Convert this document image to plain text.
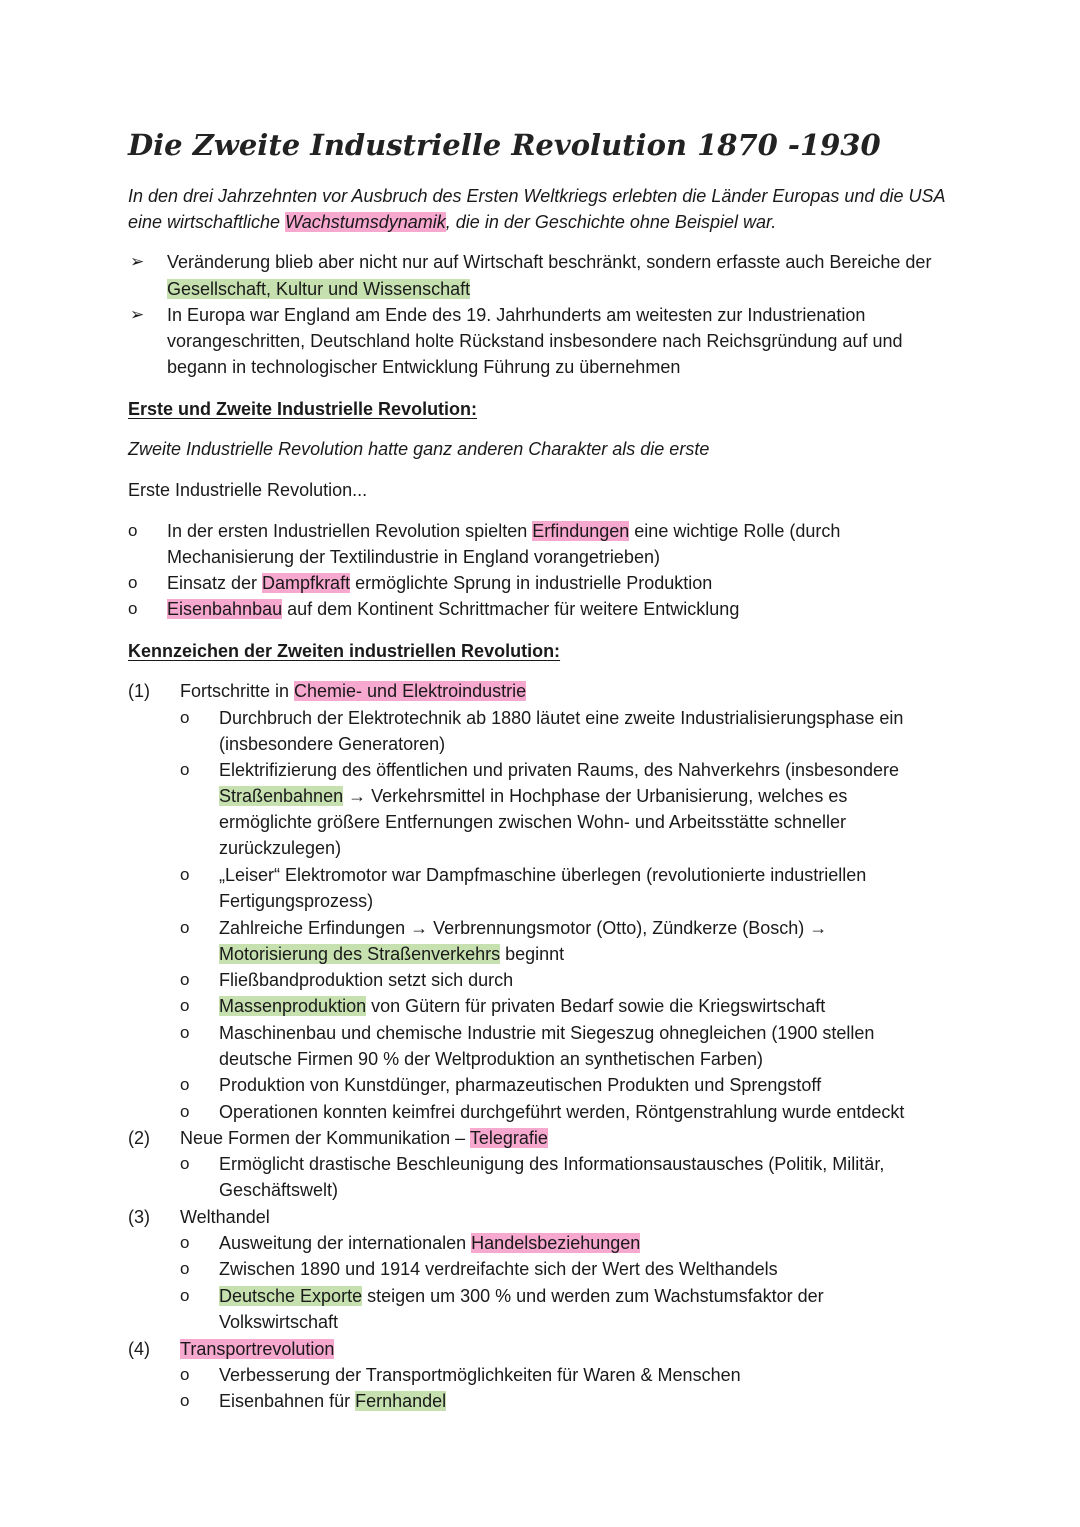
Die Zweite Industrielle Revolution 1870 -1930
In den drei Jahrzehnten vor Ausbruch des Ersten Weltkriegs erlebten die Länder Europas und die USA
eine wirtschaftliche Wachstumsdynamik, die in der Geschichte ohne Beispiel war.
➢ Veränderung blieb aber nicht nur auf Wirtschaft beschränkt, sondern erfasste auch Bereiche der
Gesellschaft, Kultur und Wissenschaft
➢ In Europa war England am Ende des 19. Jahrhunderts am weitesten zur Industrienation
vorangeschritten, Deutschland holte Rückstand insbesondere nach Reichsgründung auf und
begann in technologischer Entwicklung Führung zu übernehmen
Erste und Zweite Industrielle Revolution:
Zweite Industrielle Revolution hatte ganz anderen Charakter als die erste
Erste Industrielle Revolution...
o In der ersten Industriellen Revolution spielten Erfindungen eine wichtige Rolle (durch
Mechanisierung der Textilindustrie in England vorangetrieben)
o Einsatz der Dampfkraft ermöglichte Sprung in industrielle Produktion
o Eisenbahnbau auf dem Kontinent Schrittmacher für weitere Entwicklung
Kennzeichen der Zweiten industriellen Revolution:
(1) Fortschritte in Chemie- und Elektroindustrie
o Durchbruch der Elektrotechnik ab 1880 läutet eine zweite Industrialisierungsphase ein
(insbesondere Generatoren)
o Elektrifizierung des öffentlichen und privaten Raums, des Nahverkehrs (insbesondere
Straßenbahnen → Verkehrsmittel in Hochphase der Urbanisierung, welches es
ermöglichte größere Entfernungen zwischen Wohn- und Arbeitsstätte schneller
zurückzulegen)
o „Leiser“ Elektromotor war Dampfmaschine überlegen (revolutionierte industriellen
Fertigungsprozess)
o Zahlreiche Erfindungen → Verbrennungsmotor (Otto), Zündkerze (Bosch) →
Motorisierung des Straßenverkehrs beginnt
o Fließbandproduktion setzt sich durch
o Massenproduktion von Gütern für privaten Bedarf sowie die Kriegswirtschaft
o Maschinenbau und chemische Industrie mit Siegeszug ohnegleichen (1900 stellen
deutsche Firmen 90 % der Weltproduktion an synthetischen Farben)
o Produktion von Kunstdünger, pharmazeutischen Produkten und Sprengstoff
o Operationen konnten keimfrei durchgeführt werden, Röntgenstrahlung wurde entdeckt
(2) Neue Formen der Kommunikation – Telegrafie
o Ermöglicht drastische Beschleunigung des Informationsaustausches (Politik, Militär,
Geschäftswelt)
(3) Welthandel
o Ausweitung der internationalen Handelsbeziehungen
o Zwischen 1890 und 1914 verdreifachte sich der Wert des Welthandels
o Deutsche Exporte steigen um 300 % und werden zum Wachstumsfaktor der
Volkswirtschaft
(4) Transportrevolution
o Verbesserung der Transportmöglichkeiten für Waren & Menschen
o Eisenbahnen für Fernhandel
